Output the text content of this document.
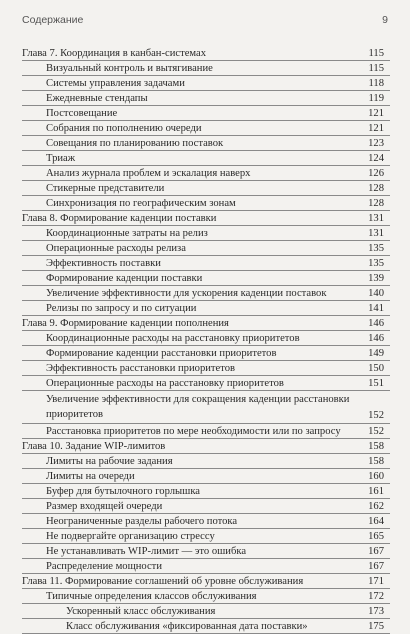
Содержание	9
Глава 7. Координация в канбан-системах	115
Визуальный контроль и вытягивание	115
Системы управления задачами	118
Ежедневные стендапы	119
Постсовещание	121
Собрания по пополнению очереди	121
Совещания по планированию поставок	123
Триаж	124
Анализ журнала проблем и эскалация наверх	126
Стикерные представители	128
Синхронизация по географическим зонам	128
Глава 8. Формирование каденции поставки	131
Координационные затраты на релиз	131
Операционные расходы релиза	135
Эффективность поставки	135
Формирование каденции поставки	139
Увеличение эффективности для ускорения каденции поставок	140
Релизы по запросу и по ситуации	141
Глава 9. Формирование каденции пополнения	146
Координационные расходы на расстановку приоритетов	146
Формирование каденции расстановки приоритетов	149
Эффективность расстановки приоритетов	150
Операционные расходы на расстановку приоритетов	151
Увеличение эффективности для сокращения каденции расстановки приоритетов	152
Расстановка приоритетов по мере необходимости или по запросу	152
Глава 10. Задание WIP-лимитов	158
Лимиты на рабочие задания	158
Лимиты на очереди	160
Буфер для бутылочного горлышка	161
Размер входящей очереди	162
Неограниченные разделы рабочего потока	164
Не подвергайте организацию стрессу	165
Не устанавливать WIP-лимит — это ошибка	167
Распределение мощности	167
Глава 11. Формирование соглашений об уровне обслуживания	171
Типичные определения классов обслуживания	172
Ускоренный класс обслуживания	173
Класс обслуживания «фиксированная дата поставки»	175
